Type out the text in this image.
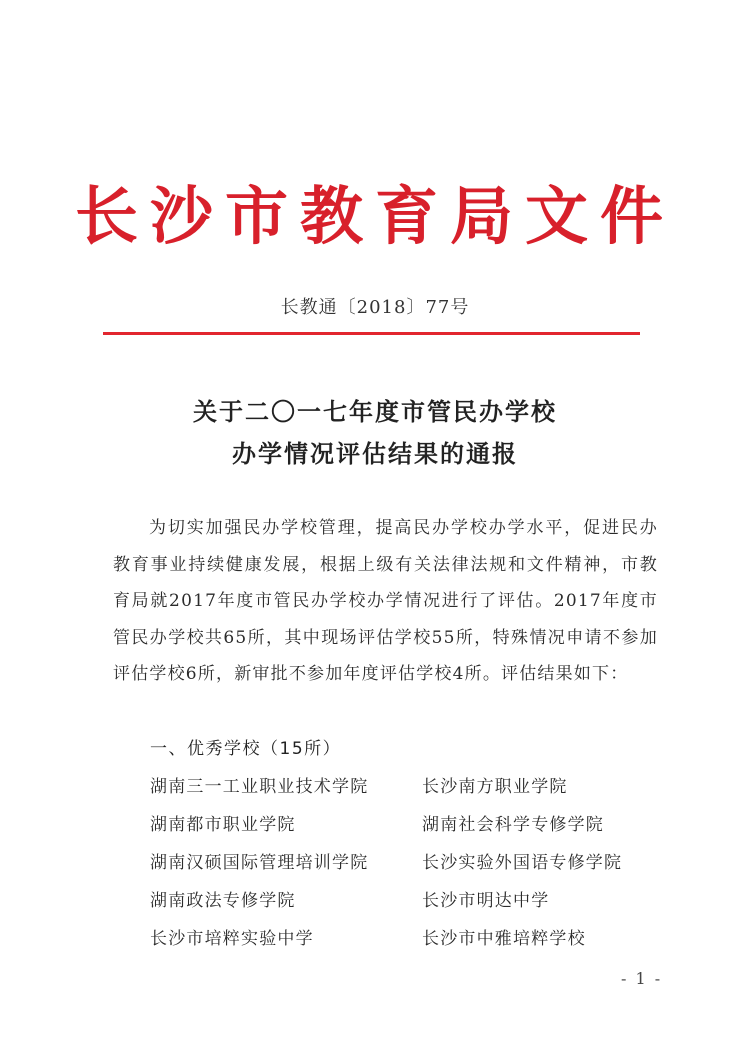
长沙市教育局文件
长教通〔2018〕77号
关于二〇一七年度市管民办学校
办学情况评估结果的通报
为切实加强民办学校管理，提高民办学校办学水平，促进民办教育事业持续健康发展，根据上级有关法律法规和文件精神，市教育局就2017年度市管民办学校办学情况进行了评估。2017年度市管民办学校共65所，其中现场评估学校55所，特殊情况申请不参加评估学校6所，新审批不参加年度评估学校4所。评估结果如下：
一、优秀学校（15所）
湖南三一工业职业技术学院	长沙南方职业学院
湖南都市职业学院	湖南社会科学专修学院
湖南汉硕国际管理培训学院	长沙实验外国语专修学院
湖南政法专修学院	长沙市明达中学
长沙市培粹实验中学	长沙市中雅培粹学校
- 1 -
